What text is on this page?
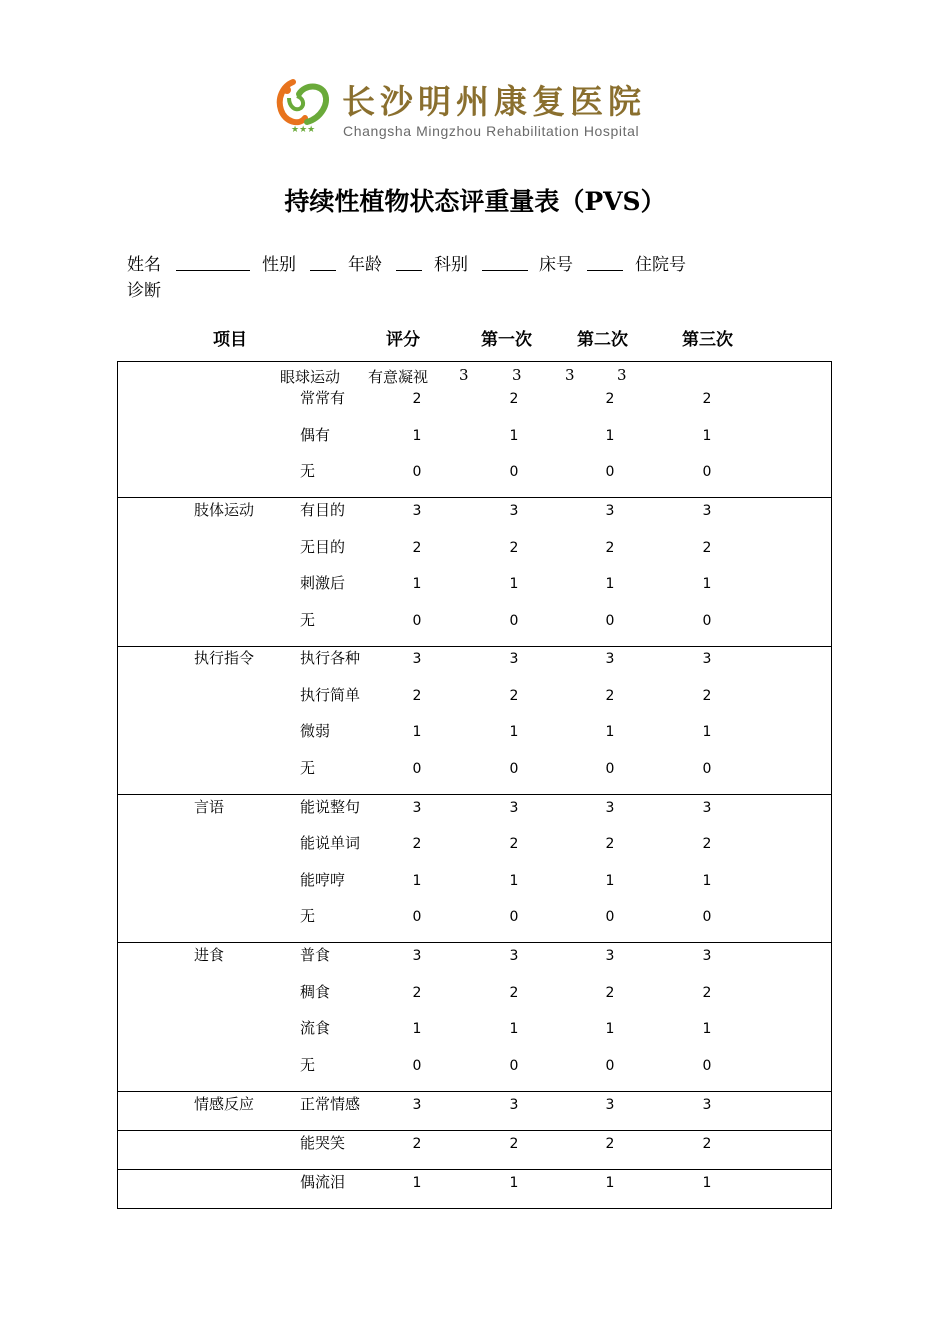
★★★
长沙明州康复医院
Changsha Mingzhou Rehabilitation Hospital
持续性植物状态评重量表（PVS）
姓名	性别	年龄	科别	床号	住院号
诊断
项目	评分	第一次	第二次	第三次
眼球运动 有意凝视 3	3	3	3
常常有	2	2	2	2
偶有	1	1	1	1
无	0	0	0	0
肢体运动	有目的	3	3	3	3
无目的	2	2	2	2
刺激后	1	1	1	1
无	0	0	0	0
执行指令	执行各种	3	3	3	3
执行简单	2	2	2	2
微弱	1	1	1	1
无	0	0	0	0
言语	能说整句	3	3	3	3
能说单词	2	2	2	2
能哼哼	1	1	1	1
无	0	0	0	0
进食	普食	3	3	3	3
稠食	2	2	2	2
流食	1	1	1	1
无	0	0	0	0
情感反应	正常情感	3	3	3	3
能哭笑	2	2	2	2
偶流泪	1	1	1	1
